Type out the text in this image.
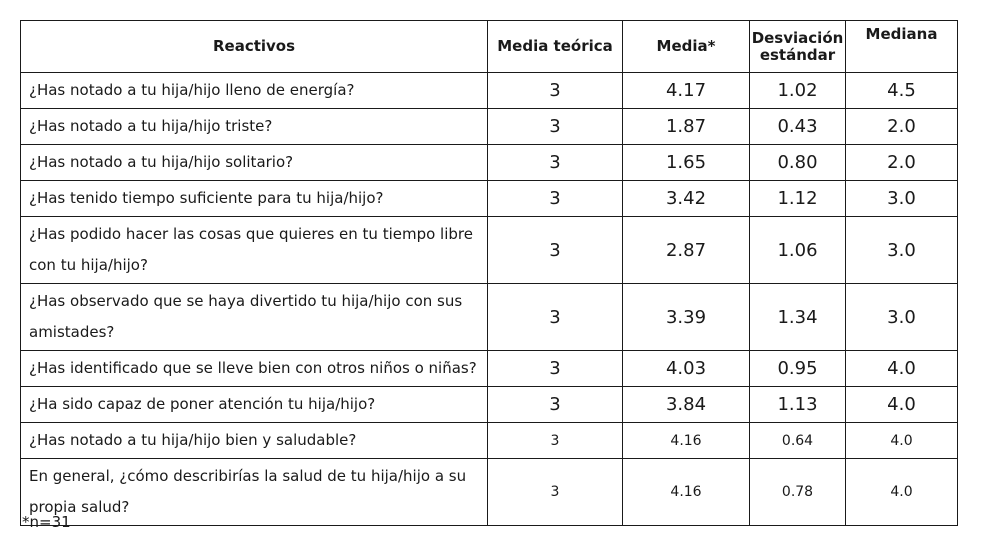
Reactivos	Media teórica	Media*	Desviación estándar	Mediana
¿Has notado a tu hija/hijo lleno de energía?	3	4.17	1.02	4.5
¿Has notado a tu hija/hijo triste?	3	1.87	0.43	2.0
¿Has notado a tu hija/hijo solitario?	3	1.65	0.80	2.0
¿Has tenido tiempo suficiente para tu hija/hijo?	3	3.42	1.12	3.0
¿Has podido hacer las cosas que quieres en tu tiempo libre con tu hija/hijo?	3	2.87	1.06	3.0
¿Has observado que se haya divertido tu hija/hijo con sus amistades?	3	3.39	1.34	3.0
¿Has identificado que se lleve bien con otros niños o niñas?	3	4.03	0.95	4.0
¿Ha sido capaz de poner atención tu hija/hijo?	3	3.84	1.13	4.0
¿Has notado a tu hija/hijo bien y saludable?	3	4.16	0.64	4.0
En general, ¿cómo describirías la salud de tu hija/hijo a su propia salud?	3	4.16	0.78	4.0
*n=31
